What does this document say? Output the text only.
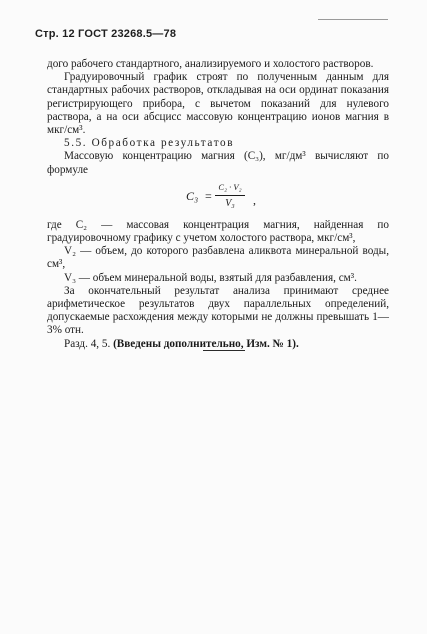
Стр. 12 ГОСТ 23268.5—78

дого рабочего стандартного, анализируемого и холостого растворов.

Градуировочный график строят по полученным данным для стандартных рабочих растворов, откладывая на оси ординат показания регистрирующего прибора, с вычетом показаний для нулевого раствора, а на оси абсцисс массовую концентрацию ионов магния в мкг/см³.

5.5. Обработка результатов

Массовую концентрацию магния (C₃), мг/дм³ вычисляют по формуле

C₃ =
C₂ · V₂
V₃	,

где C₂ — массовая концентрация магния, найденная по градуировочному графику с учетом холостого раствора, мкг/см³,

V₂ — объем, до которого разбавлена аликвота минеральной воды, см³,

V₃ — объем минеральной воды, взятый для разбавления, см³.

За окончательный результат анализа принимают среднее арифметическое результатов двух параллельных определений, допускаемые расхождения между которыми не должны превышать 1—3% отн.

Разд. 4, 5. (Введены дополнительно, Изм. № 1).
